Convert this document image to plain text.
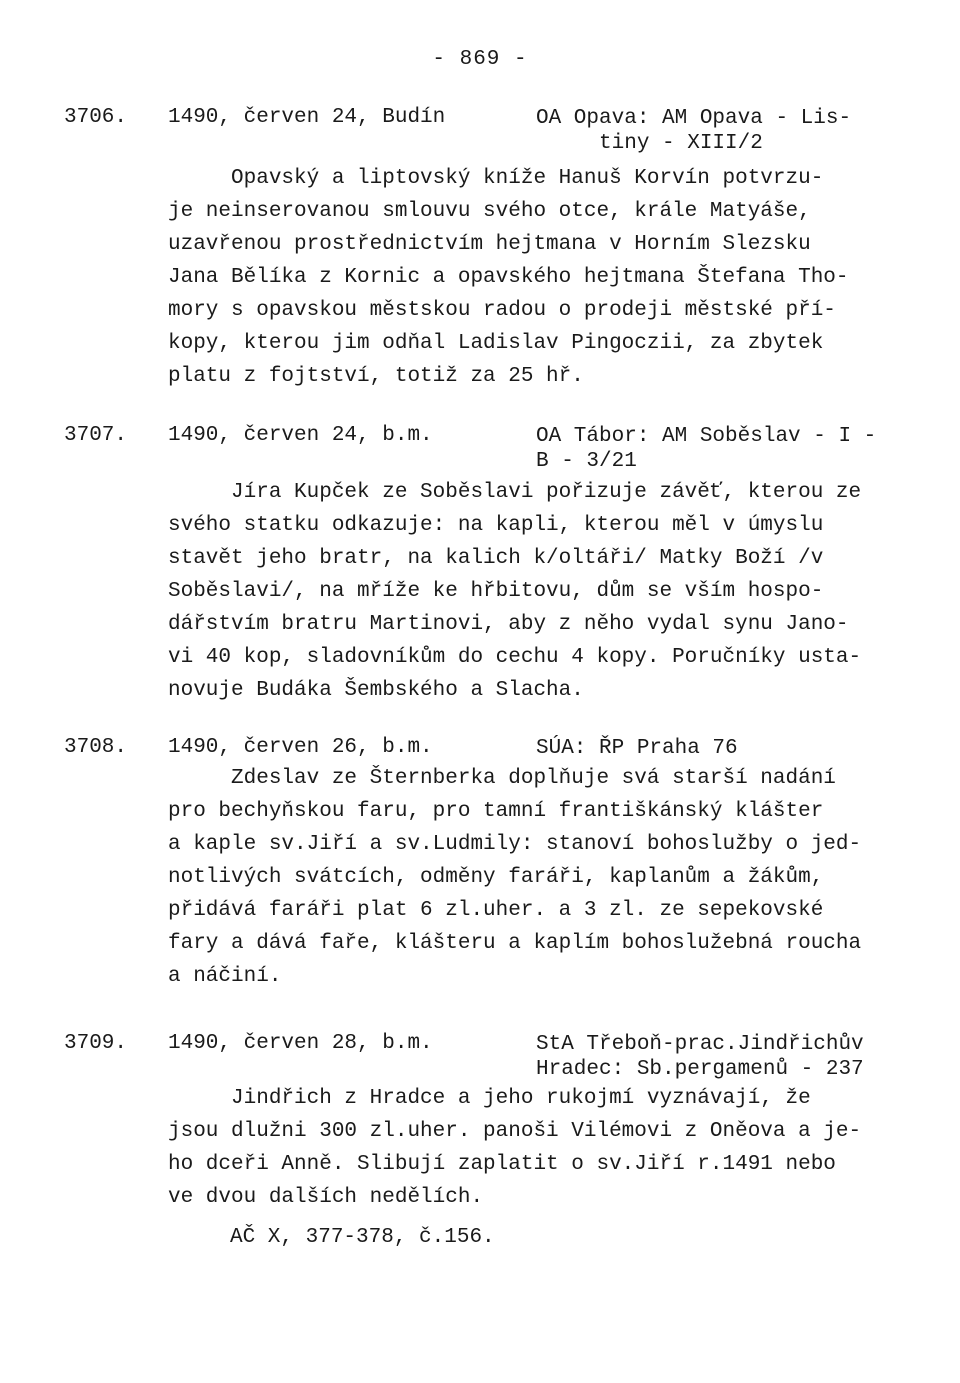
- 869 -
3706. 1490, červen 24, Budín	OA Opava: AM Opava - Lis-
tiny - XIII/2
Opavský a liptovský kníže Hanuš Korvín potvrzu-
je neinserovanou smlouvu svého otce, krále Matyáše,
uzavřenou prostřednictvím hejtmana v Horním Slezsku
Jana Bělíka z Kornic a opavského hejtmana Štefana Tho-
mory s opavskou městskou radou o prodeji městské pří-
kopy, kterou jim odňal Ladislav Pingoczii, za zbytek
platu z fojtství, totiž za 25 hř.
3707. 1490, červen 24, b.m.	OA Tábor: AM Soběslav - I -
B - 3/21
Jíra Kupček ze Soběslavi pořizuje závěť, kterou ze
svého statku odkazuje: na kapli, kterou měl v úmyslu
stavět jeho bratr, na kalich k/oltáři/ Matky Boží /v
Soběslavi/, na mříže ke hřbitovu, dům se vším hospo-
dářstvím bratru Martinovi, aby z něho vydal synu Jano-
vi 40 kop, sladovníkům do cechu 4 kopy. Poručníky usta-
novuje Budáka Šembského a Slacha.
3708. 1490, červen 26, b.m.	SÚA: ŘP Praha 76
Zdeslav ze Šternberka doplňuje svá starší nadání
pro bechyňskou faru, pro tamní františkánský klášter
a kaple sv.Jiří a sv.Ludmily: stanoví bohoslužby o jed-
notlivých svátcích, odměny faráři, kaplanům a žákům,
přidává faráři plat 6 zl.uher. a 3 zl. ze sepekovské
fary a dává faře, klášteru a kaplím bohoslužebná roucha
a náčiní.
3709. 1490, červen 28, b.m.	StA Třeboň-prac.Jindřichův
Hradec: Sb.pergamenů - 237
Jindřich z Hradce a jeho rukojmí vyznávají, že
jsou dlužni 300 zl.uher. panoši Vilémovi z Oněova a je-
ho dceři Anně. Slibují zaplatit o sv.Jiří r.1491 nebo
ve dvou dalších nedělích.
AČ X, 377-378, č.156.
